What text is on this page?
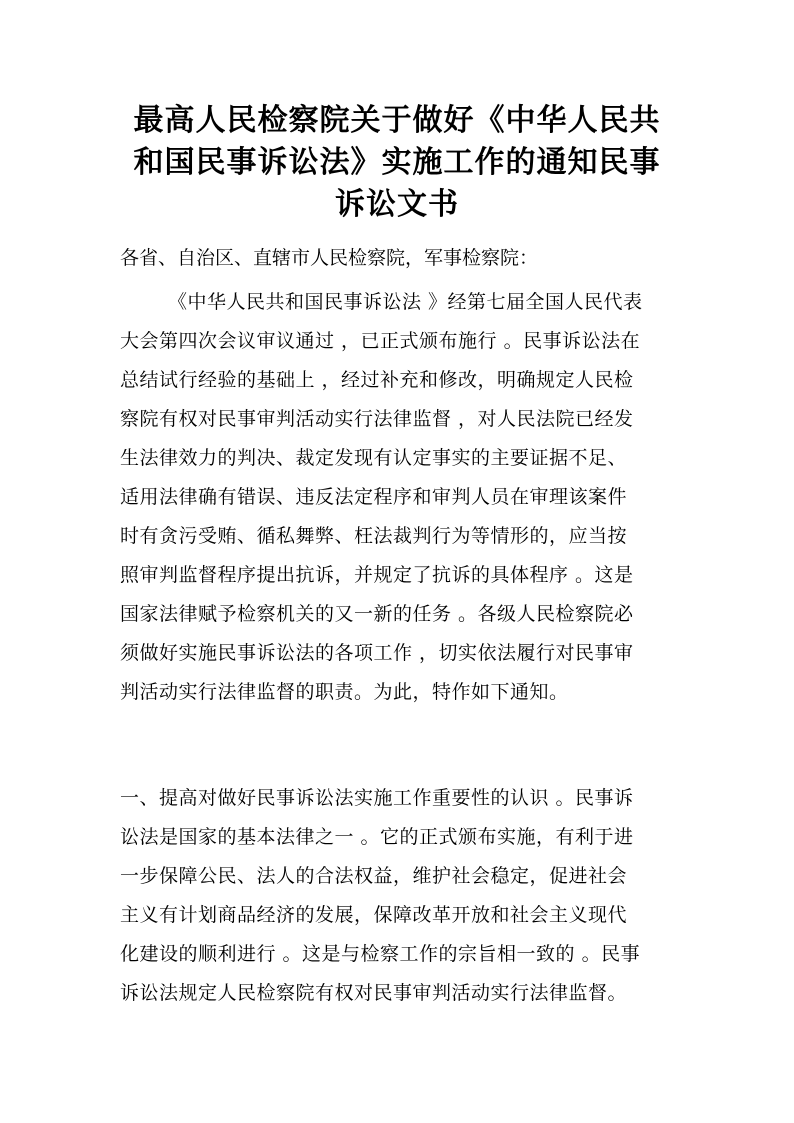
最高人民检察院关于做好《中华人民共
和国民事诉讼法》实施工作的通知民事
诉讼文书
各省、自治区、直辖市人民检察院，军事检察院：
《中华人民共和国民事诉讼法 》经第七届全国人民代表
大会第四次会议审议通过 ，已正式颁布施行 。民事诉讼法在
总结试行经验的基础上 ，经过补充和修改，明确规定人民检
察院有权对民事审判活动实行法律监督 ，对人民法院已经发
生法律效力的判决、裁定发现有认定事实的主要证据不足、
适用法律确有错误、违反法定程序和审判人员在审理该案件
时有贪污受贿、循私舞弊、枉法裁判行为等情形的，应当按
照审判监督程序提出抗诉，并规定了抗诉的具体程序 。这是
国家法律赋予检察机关的又一新的任务 。各级人民检察院必
须做好实施民事诉讼法的各项工作 ，切实依法履行对民事审
判活动实行法律监督的职责。为此，特作如下通知。
一、提高对做好民事诉讼法实施工作重要性的认识 。民事诉
讼法是国家的基本法律之一 。它的正式颁布实施，有利于进
一步保障公民、法人的合法权益，维护社会稳定，促进社会
主义有计划商品经济的发展，保障改革开放和社会主义现代
化建设的顺利进行 。这是与检察工作的宗旨相一致的 。民事
诉讼法规定人民检察院有权对民事审判活动实行法律监督。
